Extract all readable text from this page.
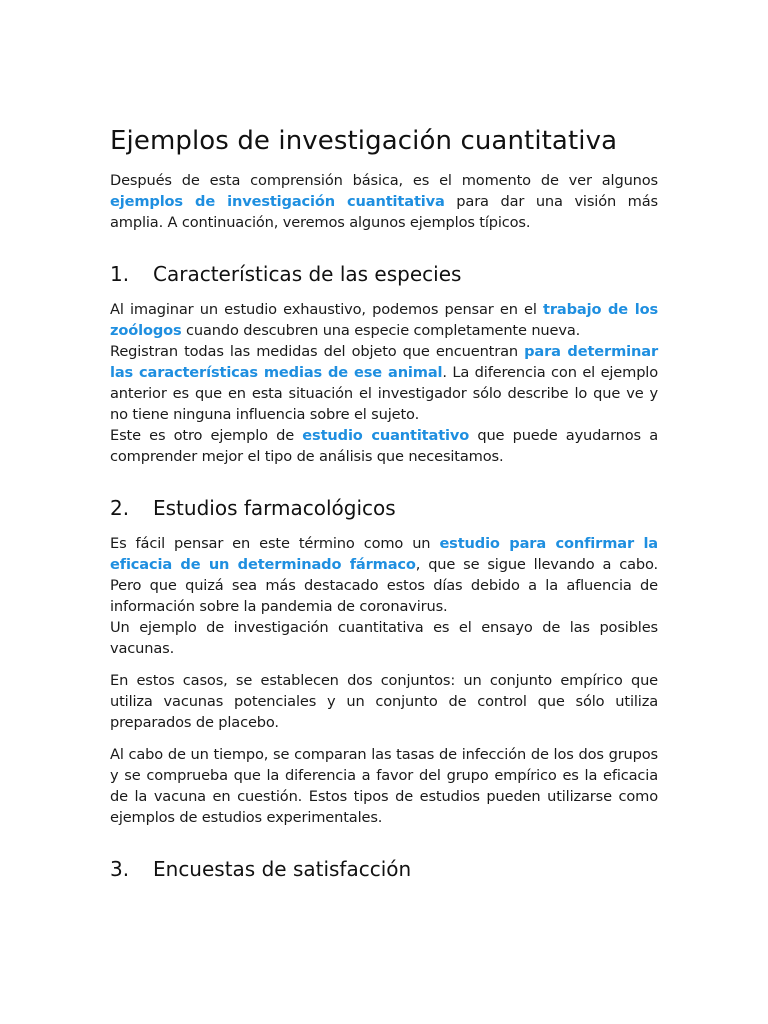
Ejemplos de investigación cuantitativa

Después de esta comprensión básica, es el momento de ver algunos ejemplos de investigación cuantitativa para dar una visión más amplia. A continuación, veremos algunos ejemplos típicos.

1.	Características de las especies

Al imaginar un estudio exhaustivo, podemos pensar en el trabajo de los zoólogos cuando descubren una especie completamente nueva.

Registran todas las medidas del objeto que encuentran para determinar las características medias de ese animal. La diferencia con el ejemplo anterior es que en esta situación el investigador sólo describe lo que ve y no tiene ninguna influencia sobre el sujeto.

Este es otro ejemplo de estudio cuantitativo que puede ayudarnos a comprender mejor el tipo de análisis que necesitamos.

2.	Estudios farmacológicos

Es fácil pensar en este término como un estudio para confirmar la eficacia de un determinado fármaco, que se sigue llevando a cabo. Pero que quizá sea más destacado estos días debido a la afluencia de información sobre la pandemia de coronavirus.

Un ejemplo de investigación cuantitativa es el ensayo de las posibles vacunas.

En estos casos, se establecen dos conjuntos: un conjunto empírico que utiliza vacunas potenciales y un conjunto de control que sólo utiliza preparados de placebo.

Al cabo de un tiempo, se comparan las tasas de infección de los dos grupos y se comprueba que la diferencia a favor del grupo empírico es la eficacia de la vacuna en cuestión. Estos tipos de estudios pueden utilizarse como ejemplos de estudios experimentales.

3.	Encuestas de satisfacción
